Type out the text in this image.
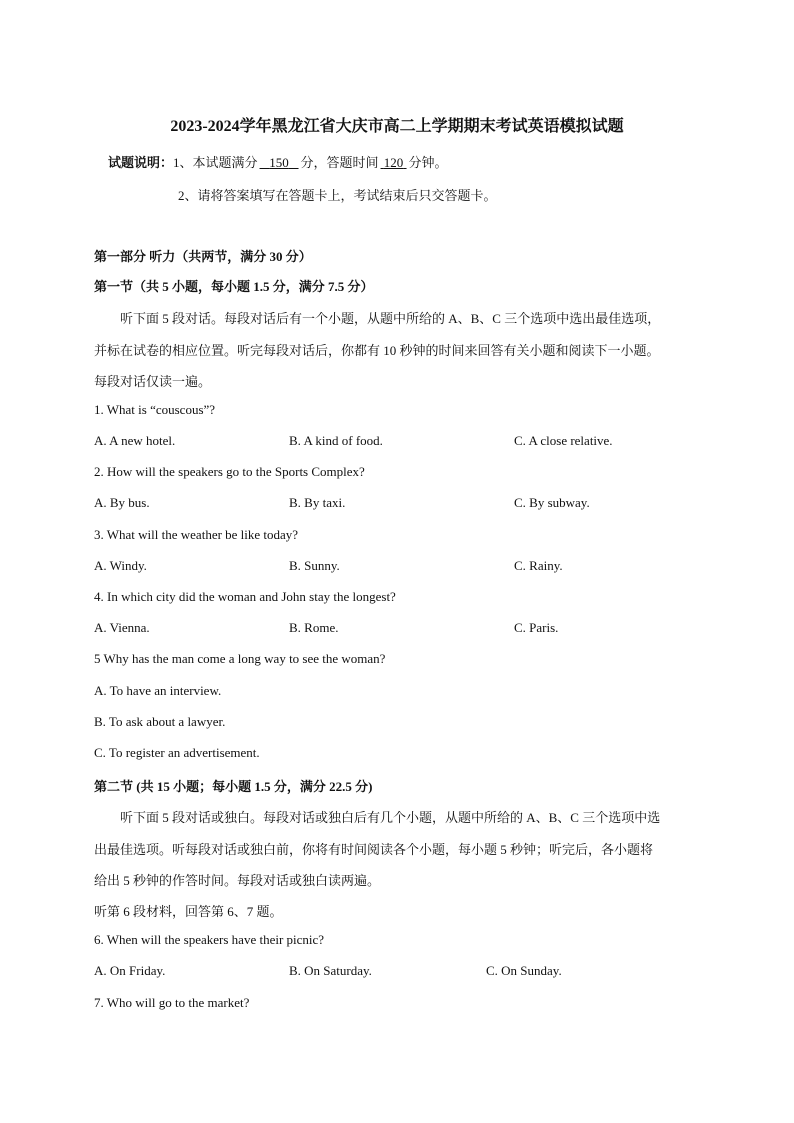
2023-2024学年黑龙江省大庆市高二上学期期末考试英语模拟试题
试题说明：1、本试题满分 150 分，答题时间 120 分钟。
2、请将答案填写在答题卡上，考试结束后只交答题卡。
第一部分 听力（共两节，满分 30 分）
第一节（共 5 小题，每小题 1.5 分，满分 7.5 分）
听下面 5 段对话。每段对话后有一个小题，从题中所给的 A、B、C 三个选项中选出最佳选项，
并标在试卷的相应位置。听完每段对话后，你都有 10 秒钟的时间来回答有关小题和阅读下一小题。
每段对话仅读一遍。
1. What is “couscous”?
A. A new hotel.	B. A kind of food.	C. A close relative.
2. How will the speakers go to the Sports Complex?
A. By bus.	B. By taxi.	C. By subway.
3. What will the weather be like today?
A. Windy.	B. Sunny.	C. Rainy.
4. In which city did the woman and John stay the longest?
A. Vienna.	B. Rome.	C. Paris.
5 Why has the man come a long way to see the woman?
A. To have an interview.
B. To ask about a lawyer.
C. To register an advertisement.
第二节 (共 15 小题；每小题 1.5 分，满分 22.5 分)
听下面 5 段对话或独白。每段对话或独白后有几个小题，从题中所给的 A、B、C 三个选项中选
出最佳选项。听每段对话或独白前，你将有时间阅读各个小题，每小题 5 秒钟；听完后，各小题将
给出 5 秒钟的作答时间。每段对话或独白读两遍。
听第 6 段材料，回答第 6、7 题。
6. When will the speakers have their picnic?
A. On Friday.	B. On Saturday.	C. On Sunday.
7. Who will go to the market?
